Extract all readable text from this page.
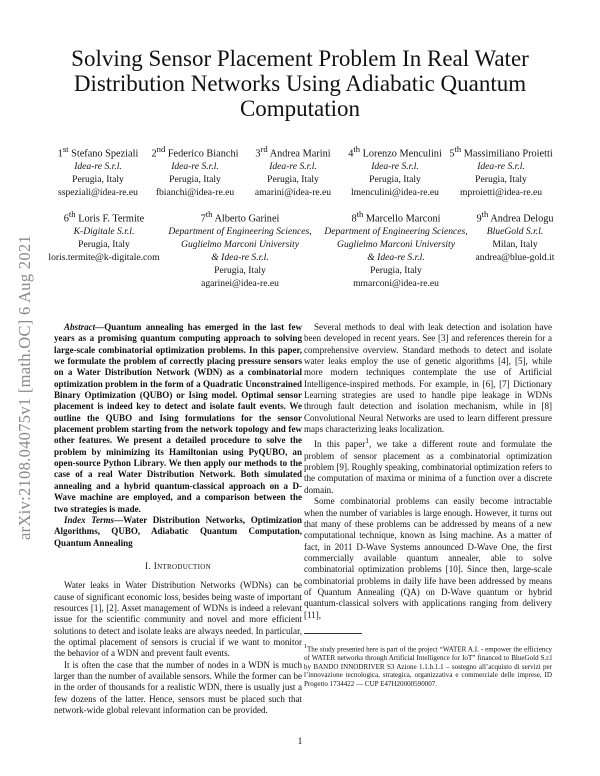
arXiv:2108.04075v1 [math.OC] 6 Aug 2021
Solving Sensor Placement Problem In Real Water Distribution Networks Using Adiabatic Quantum Computation
1st Stefano Speziali
Idea-re S.r.l.
Perugia, Italy
sspeziali@idea-re.eu
2nd Federico Bianchi
Idea-re S.r.l.
Perugia, Italy
fbianchi@idea-re.eu
3rd Andrea Marini
Idea-re S.r.l.
Perugia, Italy
amarini@idea-re.eu
4th Lorenzo Menculini
Idea-re S.r.l.
Perugia, Italy
lmenculini@idea-re.eu
5th Massimiliano Proietti
Idea-re S.r.l.
Perugia, Italy
mproietti@idea-re.eu
6th Loris F. Termite
K-Digitale S.r.l.
Perugia, Italy
loris.termite@k-digitale.com
7th Alberto Garinei
Department of Engineering Sciences,
Guglielmo Marconi University
& Idea-re S.r.l.
Perugia, Italy
agarinei@idea-re.eu
8th Marcello Marconi
Department of Engineering Sciences,
Guglielmo Marconi University
& Idea-re S.r.l.
Perugia, Italy
mmarconi@idea-re.eu
9th Andrea Delogu
BlueGold S.r.l.
Milan, Italy
andrea@blue-gold.it

Abstract—Quantum annealing has emerged in the last few years as a promising quantum computing approach to solving large-scale combinatorial optimization problems. In this paper, we formulate the problem of correctly placing pressure sensors on a Water Distribution Network (WDN) as a combinatorial optimization problem in the form of a Quadratic Unconstrained Binary Optimization (QUBO) or Ising model. Optimal sensor placement is indeed key to detect and isolate fault events. We outline the QUBO and Ising formulations for the sensor placement problem starting from the network topology and few other features. We present a detailed procedure to solve the problem by minimizing its Hamiltonian using PyQUBO, an open-source Python Library. We then apply our methods to the case of a real Water Distribution Network. Both simulated annealing and a hybrid quantum-classical approach on a D-Wave machine are employed, and a comparison between the two strategies is made.

Index Terms—Water Distribution Networks, Optimization Algorithms, QUBO, Adiabatic Quantum Computation, Quantum Annealing

I. Introduction

Water leaks in Water Distribution Networks (WDNs) can be cause of significant economic loss, besides being waste of important resources [1], [2]. Asset management of WDNs is indeed a relevant issue for the scientific community and novel and more efficient solutions to detect and isolate leaks are always needed. In particular, the optimal placement of sensors is crucial if we want to monitor the behavior of a WDN and prevent fault events.

It is often the case that the number of nodes in a WDN is much larger than the number of available sensors. While the former can be in the order of thousands for a realistic WDN, there is usually just a few dozens of the latter. Hence, sensors must be placed such that network-wide global relevant information can be provided.

Several methods to deal with leak detection and isolation have been developed in recent years. See [3] and references therein for a comprehensive overview. Standard methods to detect and isolate water leaks employ the use of genetic algorithms [4], [5], while more modern techniques contemplate the use of Artificial Intelligence-inspired methods. For example, in [6], [7] Dictionary Learning strategies are used to handle pipe leakage in WDNs through fault detection and isolation mechanism, while in [8] Convolutional Neural Networks are used to learn different pressure maps characterizing leaks localization.

In this paper$^1$, we take a different route and formulate the problem of sensor placement as a combinatorial optimization problem [9]. Roughly speaking, combinatorial optimization refers to the computation of maxima or minima of a function over a discrete domain.

Some combinatorial problems can easily become intractable when the number of variables is large enough. However, it turns out that many of these problems can be addressed by means of a new computational technique, known as Ising machine. As a matter of fact, in 2011 D-Wave Systems announced D-Wave One, the first commercially available quantum annealer, able to solve combinatorial optimization problems [10]. Since then, large-scale combinatorial problems in daily life have been addressed by means of Quantum Annealing (QA) on D-Wave quantum or hybrid quantum-classical solvers with applications ranging from delivery [11],

$^1$The study presented here is part of the project “WATER A.I. - empower the efficiency of WATER networks through Artificial Intelligence for IoT” financed to BlueGold S.r.l by BANDO INNODRIVER S3 Azione 1.1.b.1.1 – sostegno all’acquisto di servizi per l’innovazione tecnologica, strategica, organizzativa e commerciale delle imprese, ID Progetto 1734422 — CUP E47H20000590007.
1
